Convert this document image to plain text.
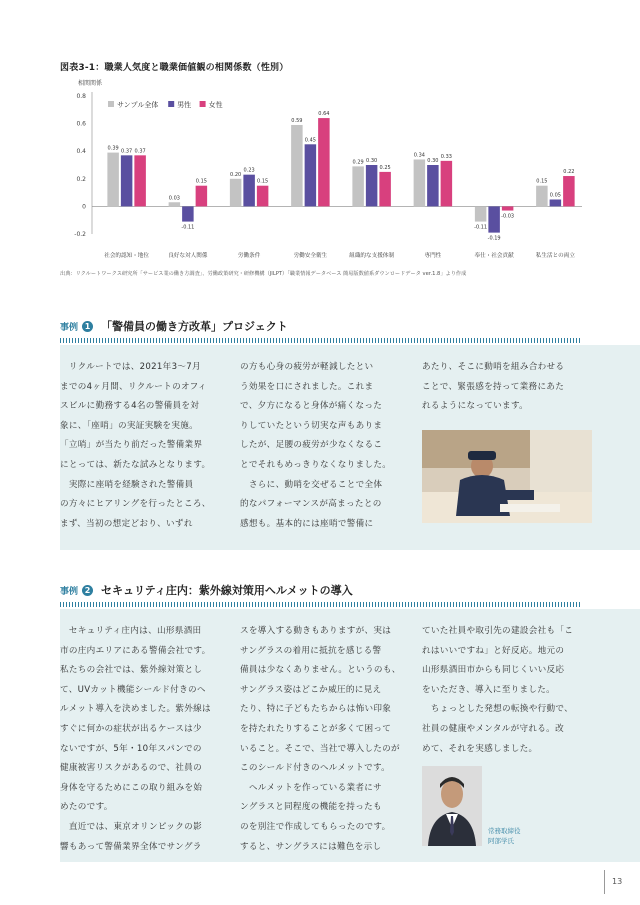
図表3-1：職業人気度と職業価値観の相関係数（性別）
相関関係
0.8
0.6
0.4
0.2
0
-0.2
0.39 0.37 0.37
社会的認知・地位
0.03
-0.11
0.15
良好な対人関係
0.20
0.23
0.15
労働条件
0.59
0.45
0.64
労働安全衛生
0.29 0.30
0.25
組織的な支援体制
0.34
0.30
0.33
専門性
-0.11
-0.19
-0.03
奉仕・社会貢献
0.15
0.05
0.22
私生活との両立
サンプル全体	男性 女性
出典：リクルートワークス研究所「サービス業の働き方調査」、労働政策研究・研修機構（JILPT）「職業情報データベース 簡易版数値系ダウンロードデータ ver.1.8」より作成
事例 1 「警備員の働き方改革」プロジェクト
　リクルートでは、2021年3～7月
までの4ヶ月間、リクルートのオフィ
スビルに勤務する4名の警備員を対
象に、「座哨」の実証実験を実施。
「立哨」が当たり前だった警備業界
にとっては、新たな試みとなります。
　実際に座哨を経験された警備員
の方々にヒアリングを行ったところ、
まず、当初の想定どおり、いずれ
の方も心身の疲労が軽減したとい
う効果を口にされました。これま
で、夕方になると身体が痛くなった
りしていたという切実な声もありま
したが、足腰の疲労が少なくなるこ
とでそれもめっきりなくなりました。
　さらに、動哨を交ぜることで全体
的なパフォーマンスが高まったとの
感想も。基本的には座哨で警備に
あたり、そこに動哨を組み合わせる
ことで、緊張感を持って業務にあた
れるようになっています。
事例 2 セキュリティ庄内：紫外線対策用ヘルメットの導入
　セキュリティ庄内は、山形県酒田
市の庄内エリアにある警備会社です。
私たちの会社では、紫外線対策とし
て、UVカット機能シールド付きのヘ
ルメット導入を決めました。紫外線は
すぐに何かの症状が出るケースは少
ないですが、5年・10年スパンでの
健康被害リスクがあるので、社員の
身体を守るためにこの取り組みを始
めたのです。
　直近では、東京オリンピックの影
響もあって警備業界全体でサングラ
スを導入する動きもありますが、実は
サングラスの着用に抵抗を感じる警
備員は少なくありません。というのも、
サングラス姿はどこか威圧的に見え
たり、特に子どもたちからは怖い印象
を持たれたりすることが多くて困って
いること。そこで、当社で導入したのが
このシールド付きのヘルメットです。
　ヘルメットを作っている業者にサ
ングラスと同程度の機能を持ったも
のを別注で作成してもらったのです。
すると、サングラスには難色を示し
ていた社員や取引先の建設会社も「こ
れはいいですね」と好反応。地元の
山形県酒田市からも同じくいい反応
をいただき、導入に至りました。
　ちょっとした発想の転換や行動で、
社員の健康やメンタルが守れる。改
めて、それを実感しました。
常務取締役
阿部学氏
13
